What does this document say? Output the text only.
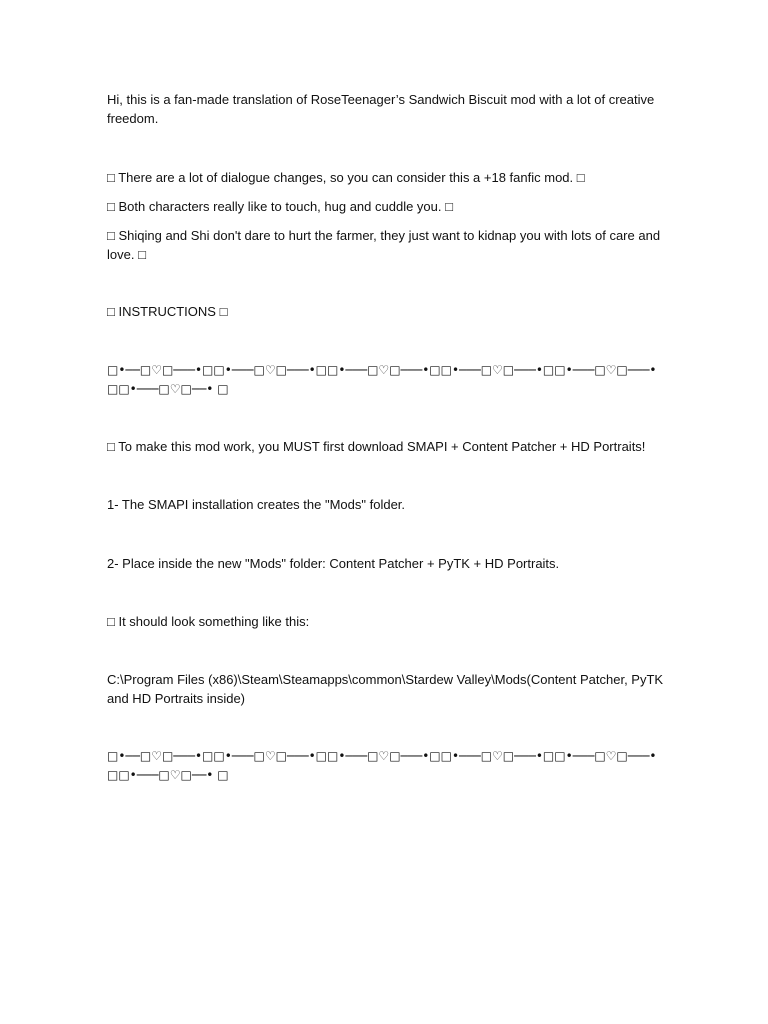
Hi, this is a fan-made translation of RoseTeenager’s Sandwich Biscuit mod with a lot of creative freedom.

□ There are a lot of dialogue changes, so you can consider this a +18 fanfic mod. □

□ Both characters really like to touch, hug and cuddle you. □

□ Shiqing and Shi don't dare to hurt the farmer, they just want to kidnap you with lots of care and love. □

□ INSTRUCTIONS □

□•──□♡□───•□□•───□♡□───•□□•───□♡□───•□□•───□♡□───•□□•───□♡□───•□□•───□♡□──• □

□ To make this mod work, you MUST first download SMAPI + Content Patcher + HD Portraits!

1- The SMAPI installation creates the "Mods" folder.

2- Place inside the new "Mods" folder: Content Patcher + PyTK + HD Portraits.

□ It should look something like this:

C:\Program Files (x86)\Steam\Steamapps\common\Stardew Valley\Mods(Content Patcher, PyTK and HD Portraits inside)

□•──□♡□───•□□•───□♡□───•□□•───□♡□───•□□•───□♡□───•□□•───□♡□───•□□•───□♡□──• □
